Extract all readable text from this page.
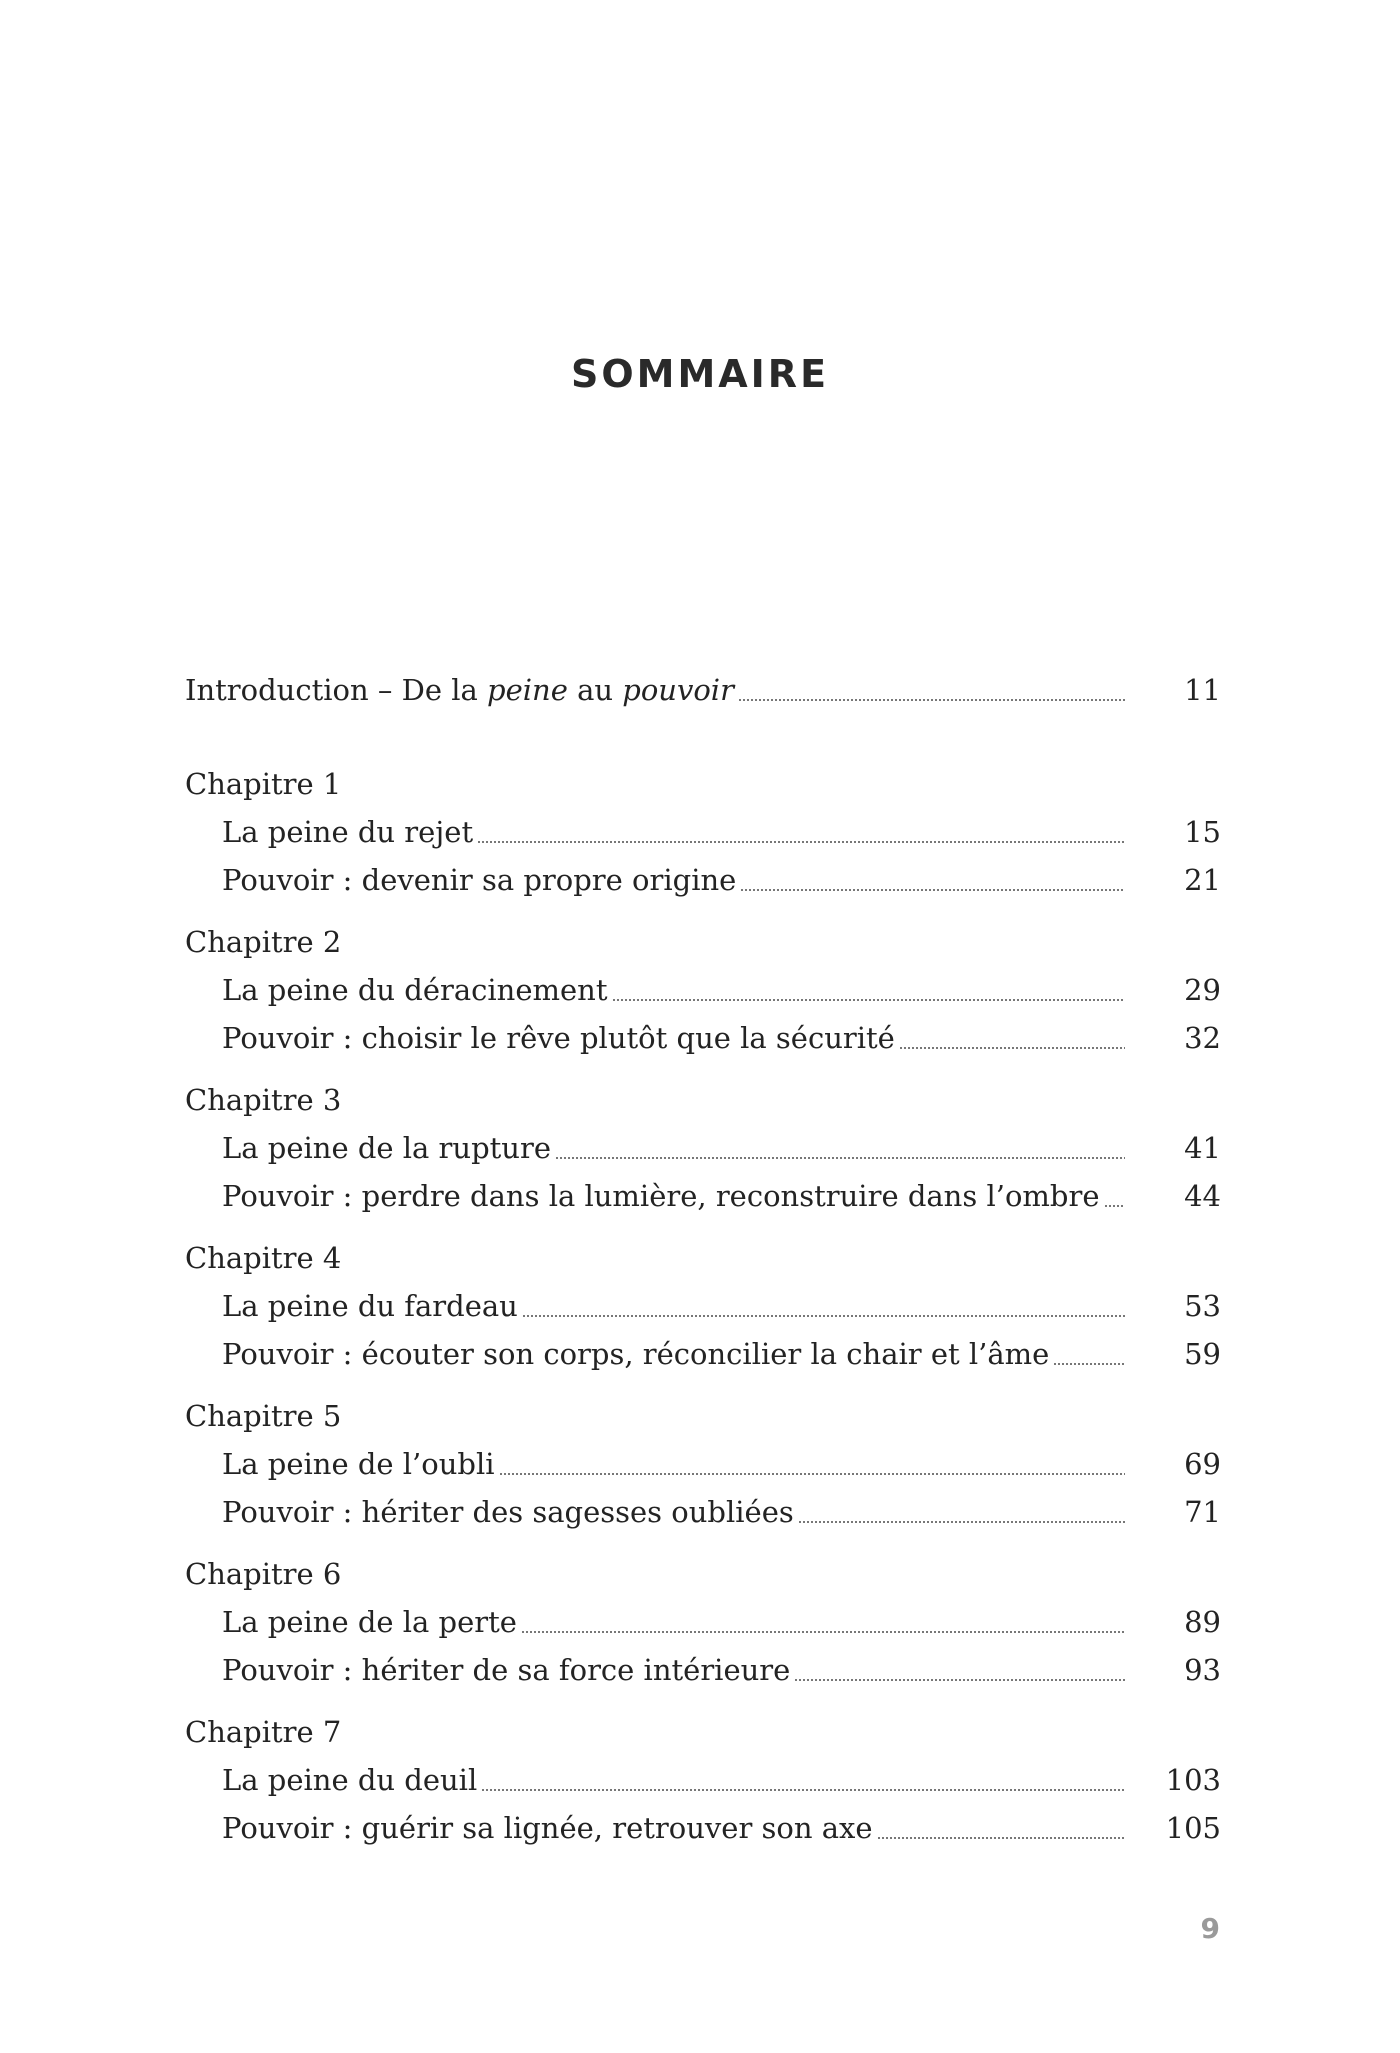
SOMMAIRE
Introduction – De la peine au pouvoir	11
Chapitre 1
La peine du rejet	15
Pouvoir : devenir sa propre origine	21
Chapitre 2
La peine du déracinement	29
Pouvoir : choisir le rêve plutôt que la sécurité	32
Chapitre 3
La peine de la rupture	41
Pouvoir : perdre dans la lumière, reconstruire dans l’ombre	44
Chapitre 4
La peine du fardeau	53
Pouvoir : écouter son corps, réconcilier la chair et l’âme	59
Chapitre 5
La peine de l’oubli	69
Pouvoir : hériter des sagesses oubliées	71
Chapitre 6
La peine de la perte	89
Pouvoir : hériter de sa force intérieure	93
Chapitre 7
La peine du deuil	103
Pouvoir : guérir sa lignée, retrouver son axe	105
9
